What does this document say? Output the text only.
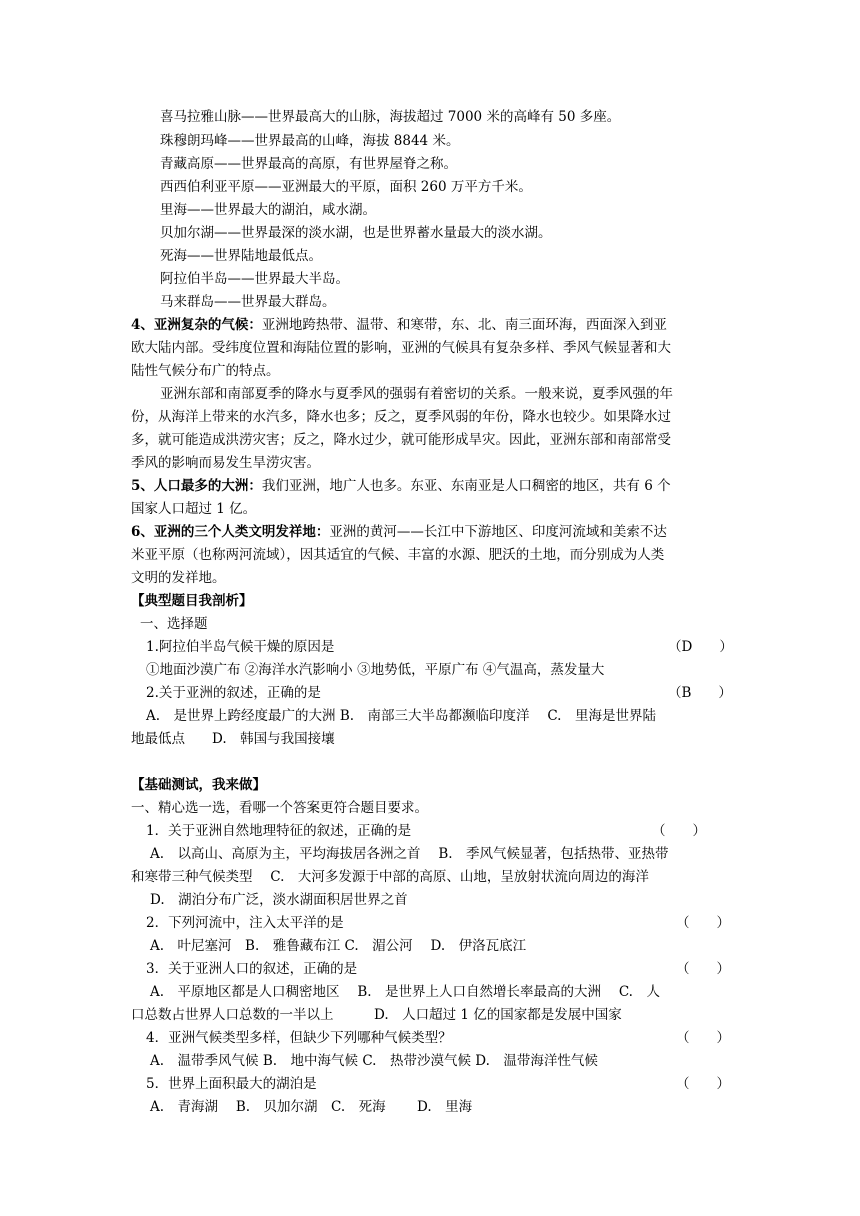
喜马拉雅山脉——世界最高大的山脉，海拔超过 7000 米的高峰有 50 多座。
珠穆朗玛峰——世界最高的山峰，海拔 8844 米。
青藏高原——世界最高的高原，有世界屋脊之称。
西西伯利亚平原——亚洲最大的平原，面积 260 万平方千米。
里海——世界最大的湖泊，咸水湖。
贝加尔湖——世界最深的淡水湖，也是世界蓄水量最大的淡水湖。
死海——世界陆地最低点。
阿拉伯半岛——世界最大半岛。
马来群岛——世界最大群岛。
4、亚洲复杂的气候：亚洲地跨热带、温带、和寒带，东、北、南三面环海，西面深入到亚
欧大陆内部。受纬度位置和海陆位置的影响，亚洲的气候具有复杂多样、季风气候显著和大
陆性气候分布广的特点。
亚洲东部和南部夏季的降水与夏季风的强弱有着密切的关系。一般来说，夏季风强的年
份，从海洋上带来的水汽多，降水也多；反之，夏季风弱的年份，降水也较少。如果降水过
多，就可能造成洪涝灾害；反之，降水过少，就可能形成旱灾。因此，亚洲东部和南部常受
季风的影响而易发生旱涝灾害。
5、人口最多的大洲：我们亚洲，地广人也多。东亚、东南亚是人口稠密的地区，共有 6 个
国家人口超过 1 亿。
6、亚洲的三个人类文明发祥地：亚洲的黄河——长江中下游地区、印度河流域和美索不达
米亚平原（也称两河流域），因其适宜的气候、丰富的水源、肥沃的土地，而分别成为人类
文明的发祥地。
【典型题目我剖析】
一、选择题
1.阿拉伯半岛气候干燥的原因是	（D　　）
①地面沙漠广布 ②海洋水汽影响小 ③地势低，平原广布 ④气温高，蒸发量大
2.关于亚洲的叙述，正确的是	（B　　）
A.　是世界上跨经度最广的大洲 B.　南部三大半岛都濒临印度洋　 C.　里海是世界陆
地最低点　　D.　韩国与我国接壤
【基础测试，我来做】
一、精心选一选，看哪一个答案更符合题目要求。
1．关于亚洲自然地理特征的叙述，正确的是	（　　）
A.　以高山、高原为主，平均海拔居各洲之首　 B.　季风气候显著，包括热带、亚热带
和寒带三种气候类型　 C.　大河多发源于中部的高原、山地，呈放射状流向周边的海洋
D.　湖泊分布广泛，淡水湖面积居世界之首
2．下列河流中，注入太平洋的是	（　　）
A.　叶尼塞河　B.　雅鲁藏布江 C.　湄公河　 D.　伊洛瓦底江
3．关于亚洲人口的叙述，正确的是	（　　）
A.　平原地区都是人口稠密地区　 B.　是世界上人口自然增长率最高的大洲　 C.　人
口总数占世界人口总数的一半以上　　　D.　人口超过 1 亿的国家都是发展中国家
4．亚洲气候类型多样，但缺少下列哪种气候类型？	（　　）
A.　温带季风气候 B.　地中海气候 C.　热带沙漠气候 D.　温带海洋性气候
5．世界上面积最大的湖泊是	（　　）
A.　青海湖　 B.　贝加尔湖　C.　死海　　 D.　里海
